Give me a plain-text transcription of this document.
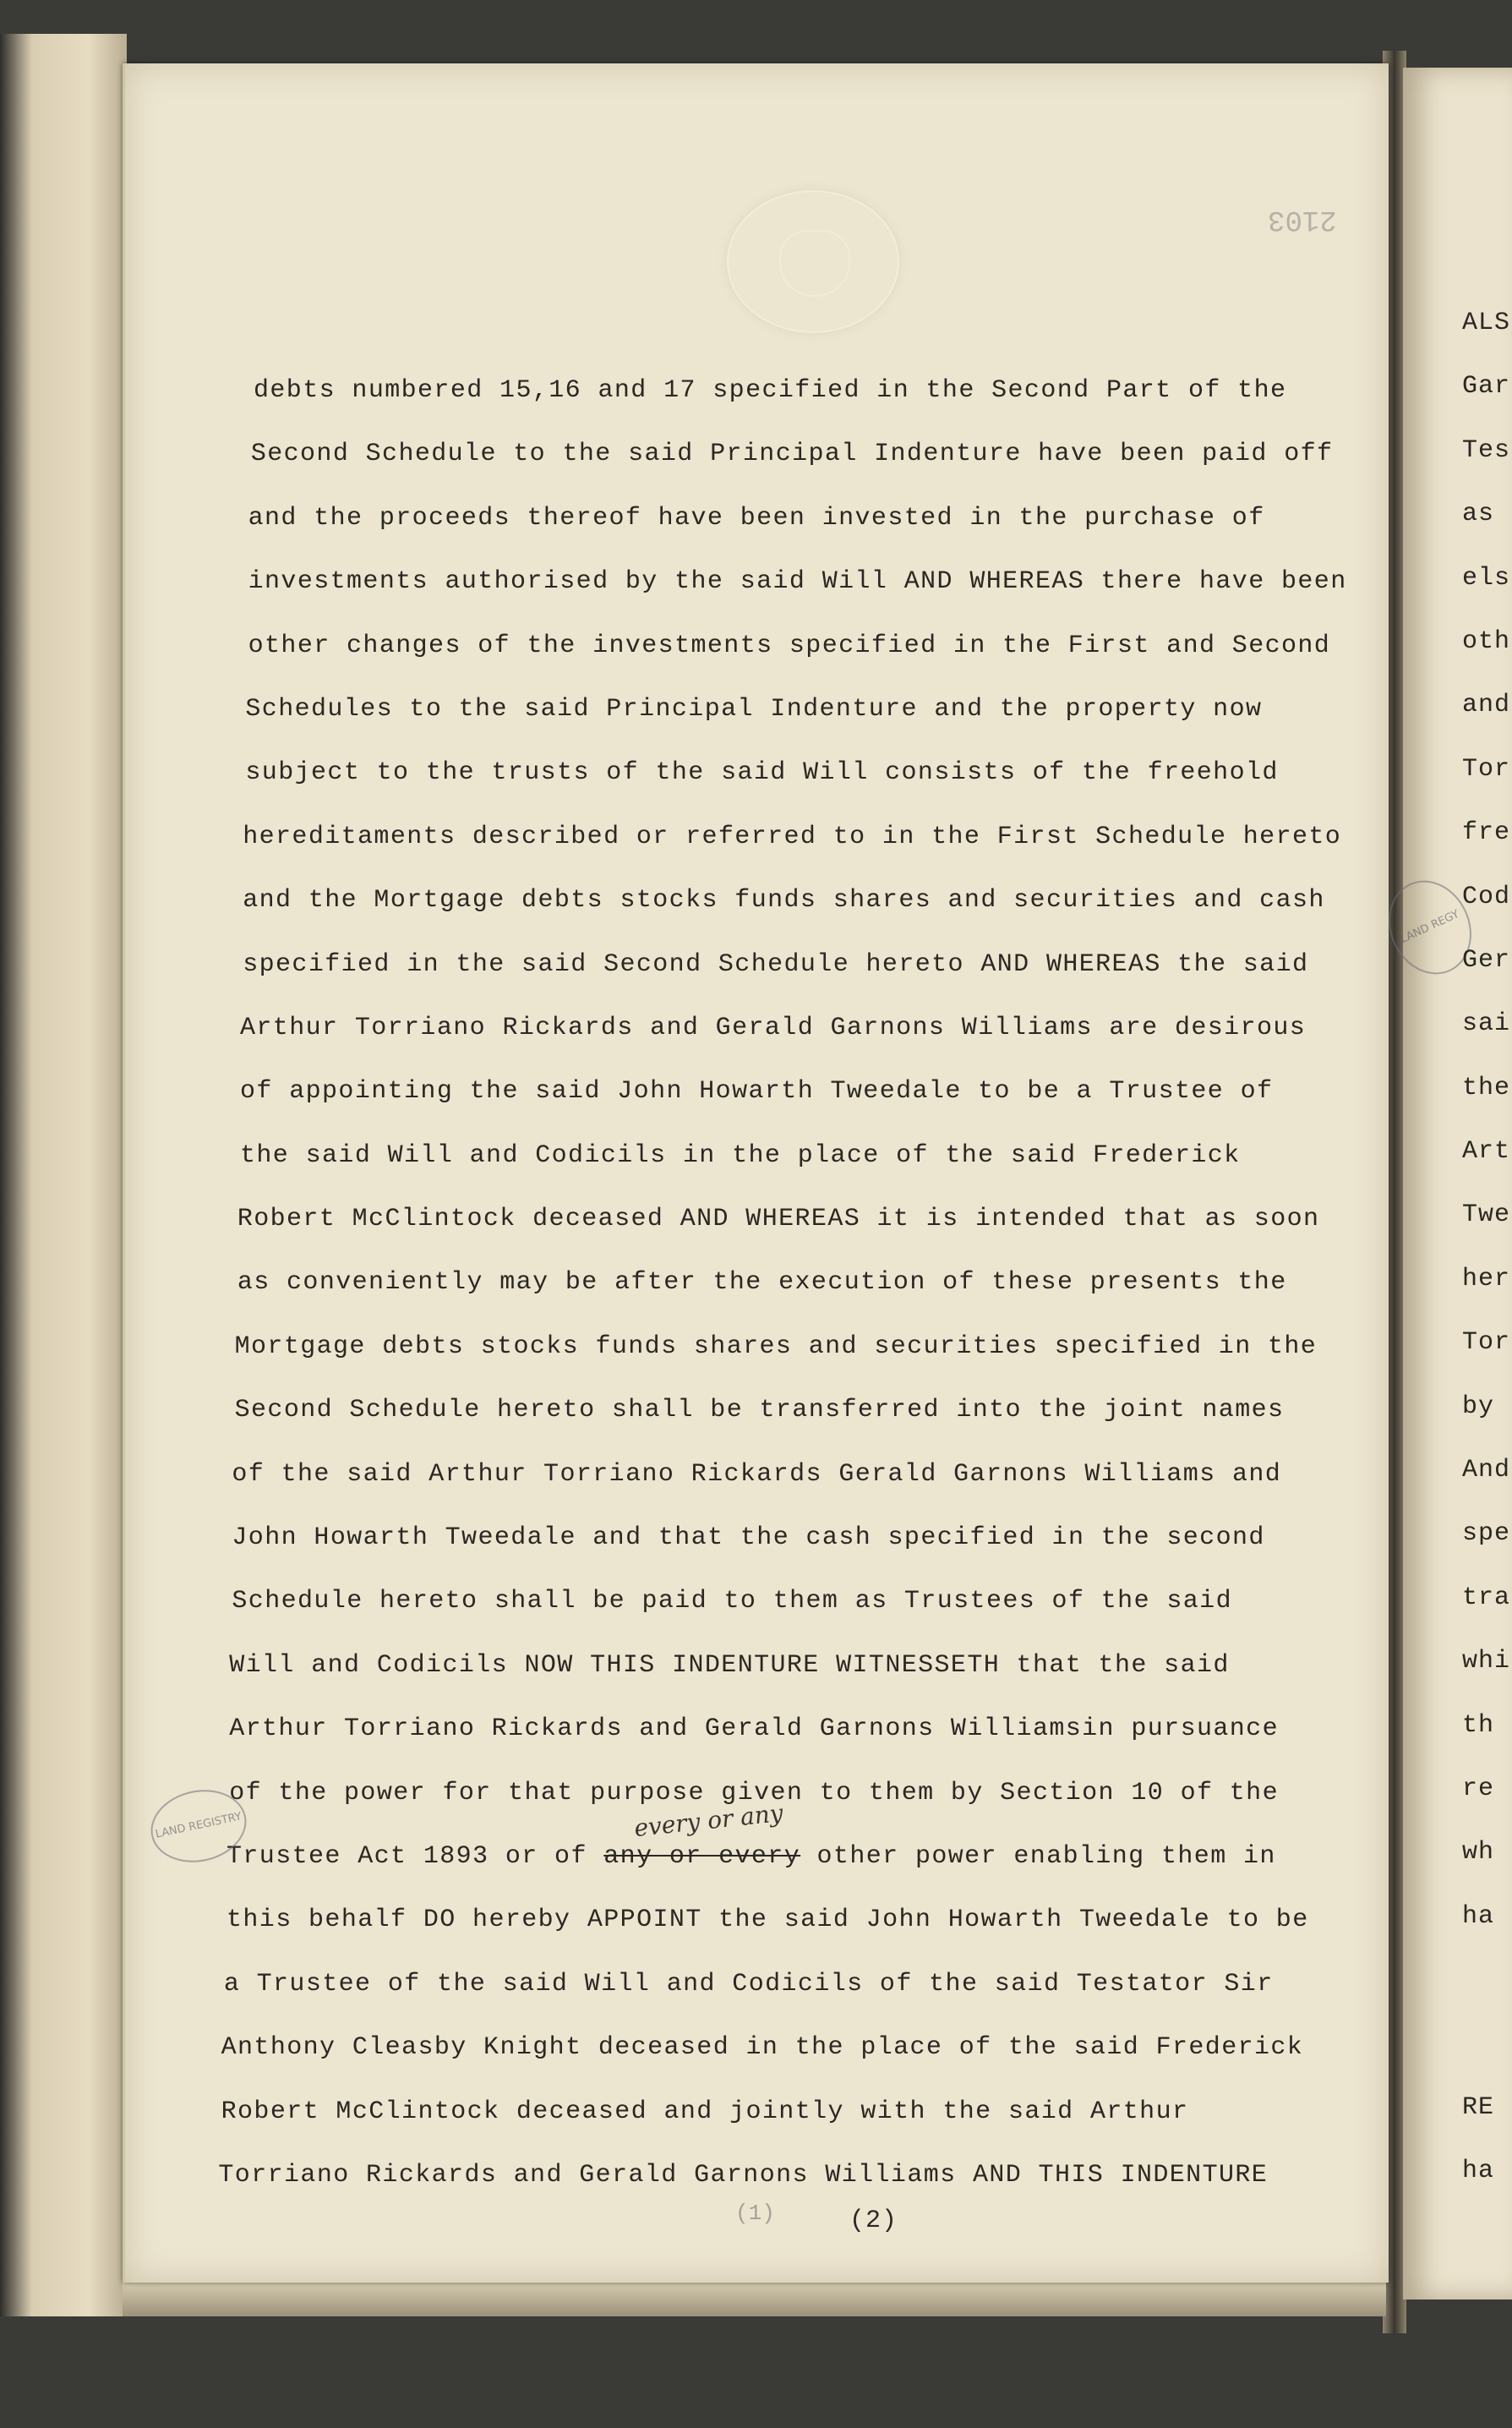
2103
debts numbered 15,16 and 17 specified in the Second Part of the
Second Schedule to the said Principal Indenture have been paid off
and the proceeds thereof have been invested in the purchase of
investments authorised by the said Will AND WHEREAS there have been
other changes of the investments specified in the First and Second
Schedules to the said Principal Indenture and the property now
subject to the trusts of the said Will consists of the freehold
hereditaments described or referred to in the First Schedule hereto
and the Mortgage debts stocks funds shares and securities and cash
specified in the said Second Schedule hereto AND WHEREAS the said
Arthur Torriano Rickards and Gerald Garnons Williams are desirous
of appointing the said John Howarth Tweedale to be a Trustee of
the said Will and Codicils in the place of the said Frederick
Robert McClintock deceased AND WHEREAS it is intended that as soon
as conveniently may be after the execution of these presents the
Mortgage debts stocks funds shares and securities specified in the
Second Schedule hereto shall be transferred into the joint names
of the said Arthur Torriano Rickards Gerald Garnons Williams and
John Howarth Tweedale and that the cash specified in the second
Schedule hereto shall be paid to them as Trustees of the said
Will and Codicils NOW THIS INDENTURE WITNESSETH that the said
Arthur Torriano Rickards and Gerald Garnons Williamsin pursuance
of the power for that purpose given to them by Section 10 of the
Trustee Act 1893 or of any or every other power enabling them in
this behalf DO hereby APPOINT the said John Howarth Tweedale to be
a Trustee of the said Will and Codicils of the said Testator Sir
Anthony Cleasby Knight deceased in the place of the said Frederick
Robert McClintock deceased and jointly with the said Arthur
Torriano Rickards and Gerald Garnons Williams AND THIS INDENTURE
every or any
LAND REGISTRY
LAND REGY
(1)	(2)
ALS
Gar
Tes
as
els
oth
and
Tor
fre
Cod
Ger
sai
the
Art
Twe
her
Tor
by
And
spe
tra
whi
th
re
wh
ha
RE
ha
